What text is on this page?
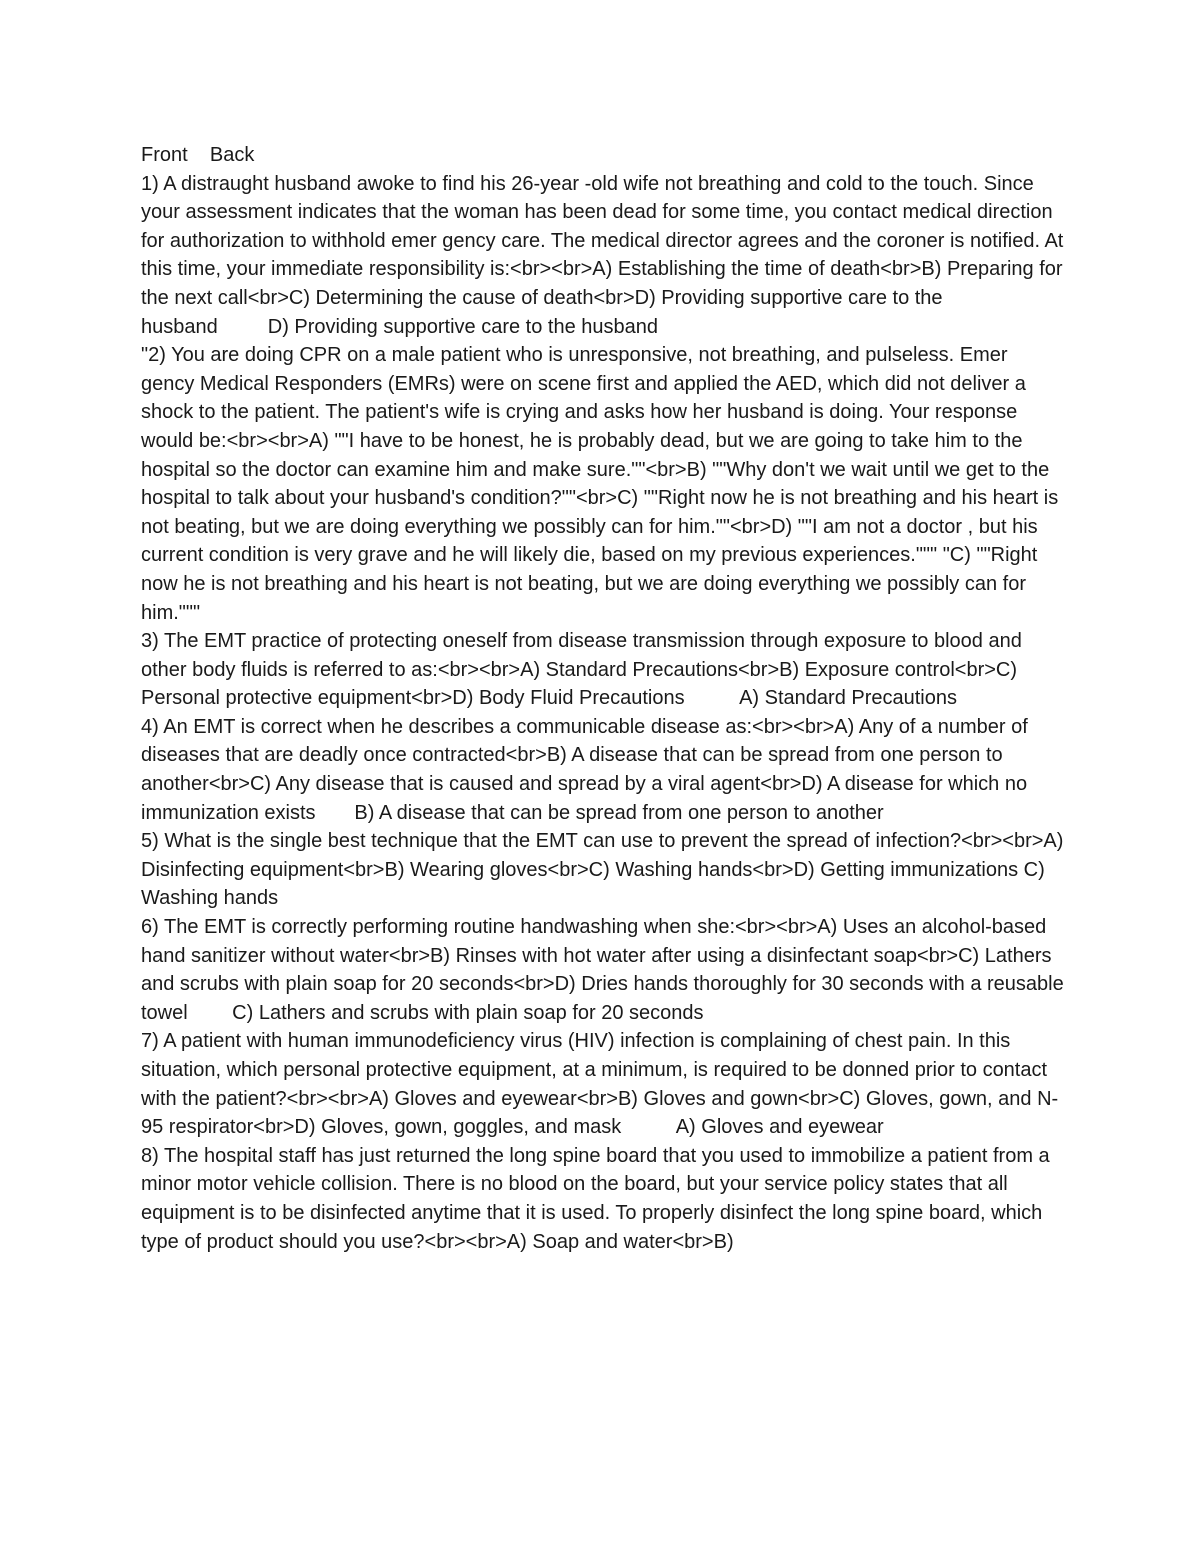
Front Back

1) A distraught husband awoke to find his 26-year -old wife not breathing and cold to the touch. Since your assessment indicates that the woman has been dead for some time, you contact medical direction for authorization to withhold emer gency care. The medical director agrees and the coroner is notified. At this time, your immediate responsibility is:<br><br>A) Establishing the time of death<br>B) Preparing for the next call<br>C) Determining the cause of death<br>D) Providing supportive care to the husband	D) Providing supportive care to the husband

"2) You are doing CPR on a male patient who is unresponsive, not breathing, and pulseless. Emer gency Medical Responders (EMRs) were on scene first and applied the AED, which did not deliver a shock to the patient. The patient's wife is crying and asks how her husband is doing. Your response would be:<br><br>A) ""I have to be honest, he is probably dead, but we are going to take him to the hospital so the doctor can examine him and make sure.""<br>B) ""Why don't we wait until we get to the hospital to talk about your husband's condition?""<br>C) ""Right now he is not breathing and his heart is not beating, but we are doing everything we possibly can for him.""<br>D) ""I am not a doctor , but his current condition is very grave and he will likely die, based on my previous experiences.""" "C) ""Right now he is not breathing and his heart is not beating, but we are doing everything we possibly can for him."""

3) The EMT practice of protecting oneself from disease transmission through exposure to blood and other body fluids is referred to as:<br><br>A) Standard Precautions<br>B) Exposure control<br>C) Personal protective equipment<br>D) Body Fluid Precautions	A) Standard Precautions

4) An EMT is correct when he describes a communicable disease as:<br><br>A) Any of a number of diseases that are deadly once contracted<br>B) A disease that can be spread from one person to another<br>C) Any disease that is caused and spread by a viral agent<br>D) A disease for which no immunization exists B) A disease that can be spread from one person to another

5) What is the single best technique that the EMT can use to prevent the spread of infection?<br><br>A) Disinfecting equipment<br>B) Wearing gloves<br>C) Washing hands<br>D) Getting immunizations C) Washing hands

6) The EMT is correctly performing routine handwashing when she:<br><br>A) Uses an alcohol-based hand sanitizer without water<br>B) Rinses with hot water after using a disinfectant soap<br>C) Lathers and scrubs with plain soap for 20 seconds<br>D) Dries hands thoroughly for 30 seconds with a reusable towel C) Lathers and scrubs with plain soap for 20 seconds

7) A patient with human immunodeficiency virus (HIV) infection is complaining of chest pain. In this situation, which personal protective equipment, at a minimum, is required to be donned prior to contact with the patient?<br><br>A) Gloves and eyewear<br>B) Gloves and gown<br>C) Gloves, gown, and N-95 respirator<br>D) Gloves, gown, goggles, and mask	A) Gloves and eyewear

8) The hospital staff has just returned the long spine board that you used to immobilize a patient from a minor motor vehicle collision. There is no blood on the board, but your service policy states that all equipment is to be disinfected anytime that it is used. To properly disinfect the long spine board, which type of product should you use?<br><br>A) Soap and water<br>B)
